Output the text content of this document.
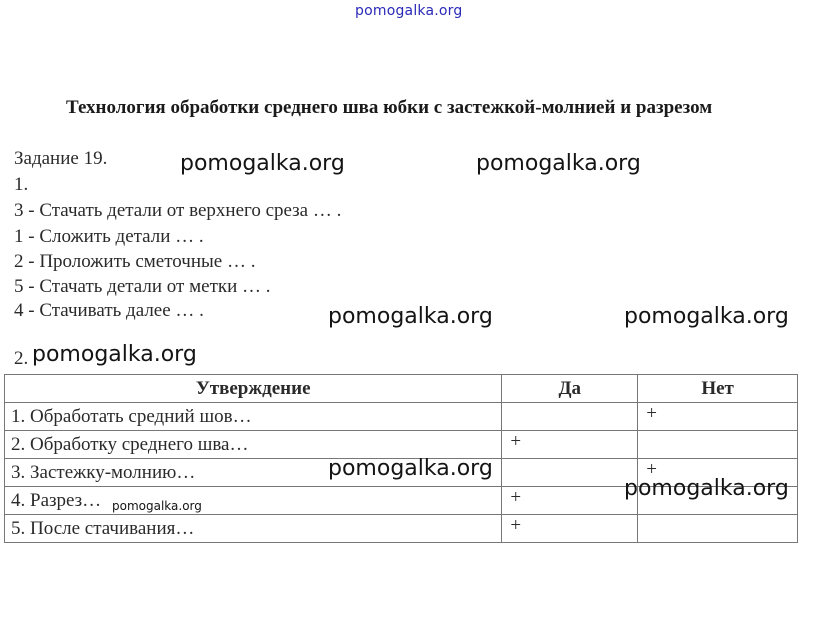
pomogalka.org
Технология обработки среднего шва юбки с застежкой-молнией и разрезом
Задание 19.
1.
3 - Стачать детали от верхнего среза … .
1 - Сложить детали … .
2 - Проложить сметочные … .
5 - Стачать детали от метки … .
4 - Стачивать далее … .
2.
Утверждение	Да	Нет
1. Обработать средний шов…		+
2. Обработку среднего шва…	+	
3. Застежку-молнию…		+
4. Разрез…	+	
5. После стачивания…	+	
pomogalka.org	pomogalka.org
pomogalka.org	pomogalka.org
pomogalka.org
pomogalka.org
pomogalka.org
pomogalka.org
